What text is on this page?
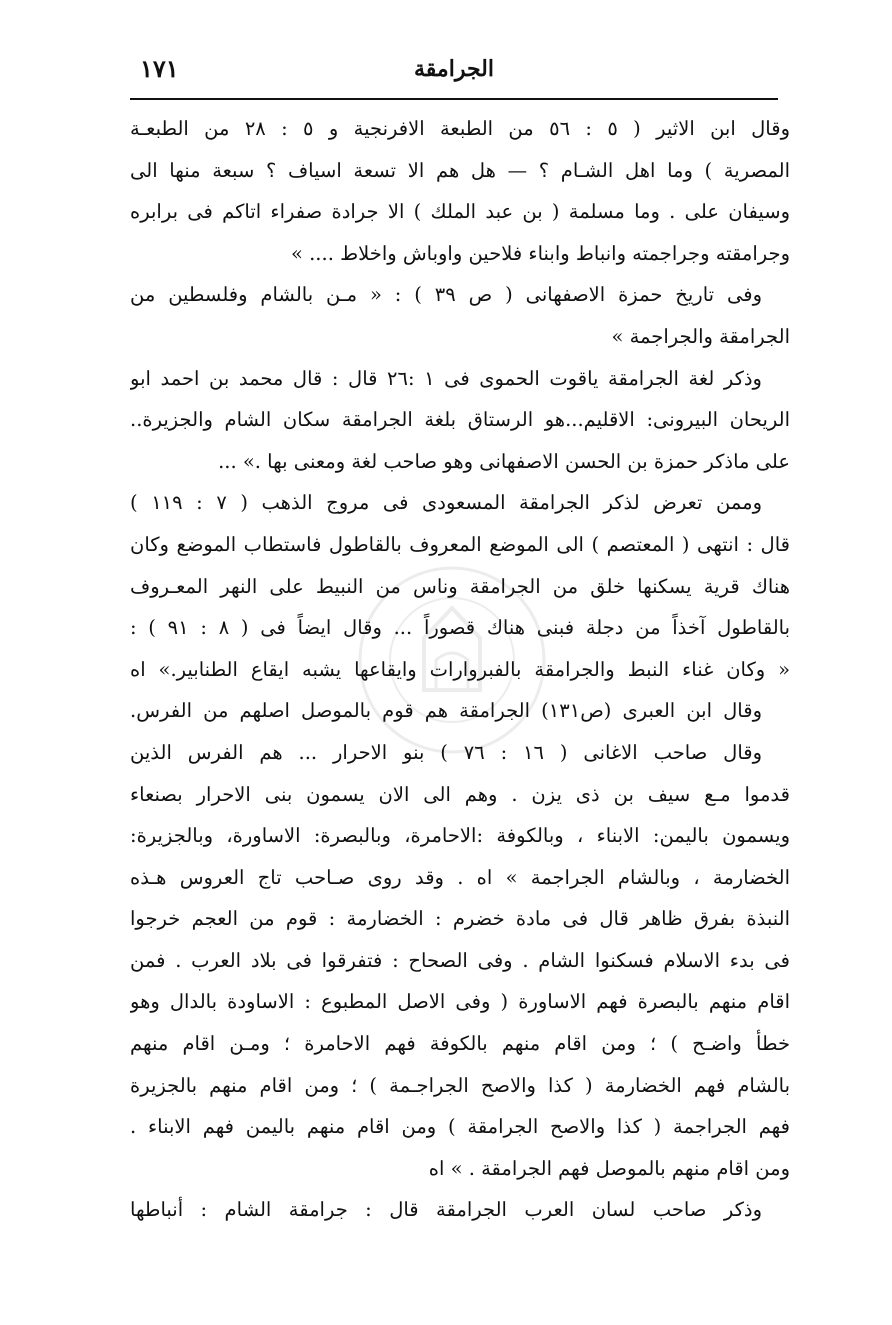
الجرامقة
١٧١
وقال ابن الاثير ( ٥ : ٥٦ من الطبعة الافرنجية و ٥ : ٢٨ من الطبعـة
المصرية ) وما اهل الشـام ؟ — هل هم الا تسعة اسياف ؟ سبعة منها الى
وسيفان على . وما مسلمة ( بن عبد الملك ) الا جرادة صفراء اتاكم فى برابره
وجرامقته وجراجمته وانباط وابناء فلاحين واوباش واخلاط .... »
وفى تاريخ حمزة الاصفهانى ( ص ٣٩ ) : « مـن بالشام وفلسطين من
الجرامقة والجراجمة »
وذكر لغة الجرامقة ياقوت الحموى فى ١ :٢٦ قال : قال محمد بن احمد ابو
الريحان البيرونى: الاقليم...هو الرستاق بلغة الجرامقة سكان الشام والجزيرة..
على ماذكر حمزة بن الحسن الاصفهانى وهو صاحب لغة ومعنى بها .» ...
وممن تعرض لذكر الجرامقة المسعودى فى مروج الذهب ( ٧ : ١١٩ )
قال : انتهى ( المعتصم ) الى الموضع المعروف بالقاطول فاستطاب الموضع وكان
هناك قرية يسكنها خلق من الجرامقة وناس من النبيط على النهر المعـروف
بالقاطول آخذاً من دجلة فبنى هناك قصوراً ... وقال ايضاً فى ( ٨ : ٩١ ) :
« وكان غناء النبط والجرامقة بالفبروارات وايقاعها يشبه ايقاع الطنابير.» اه
وقال ابن العبرى (ص١٣١) الجرامقة هم قوم بالموصل اصلهم من الفرس.
وقال صاحب الاغانى ( ١٦ : ٧٦ ) بنو الاحرار ... هم الفرس الذين
قدموا مـع سيف بن ذى يزن . وهم الى الان يسمون بنى الاحرار بصنعاء
ويسمون باليمن: الابناء ، وبالكوفة :الاحامرة، وبالبصرة: الاساورة، وبالجزيرة:
الخضارمة ، وبالشام الجراجمة » اه . وقد روى صـاحب تاج العروس هـذه
النبذة بفرق ظاهر قال فى مادة خضرم : الخضارمة : قوم من العجم خرجوا
فى بدء الاسلام فسكنوا الشام . وفى الصحاح : فتفرقوا فى بلاد العرب . فمن
اقام منهم بالبصرة فهم الاساورة ( وفى الاصل المطبوع : الاساودة بالدال وهو
خطأ واضـح ) ؛ ومن اقام منهم بالكوفة فهم الاحامرة ؛ ومـن اقام منهم
بالشام فهم الخضارمة ( كذا والاصح الجراجـمة ) ؛ ومن اقام منهم بالجزيرة
فهم الجراجمة ( كذا والاصح الجرامقة ) ومن اقام منهم باليمن فهم الابناء .
ومن اقام منهم بالموصل فهم الجرامقة . » اه
وذكر صاحب لسان العرب الجرامقة قال : جرامقة الشام : أنباطها
